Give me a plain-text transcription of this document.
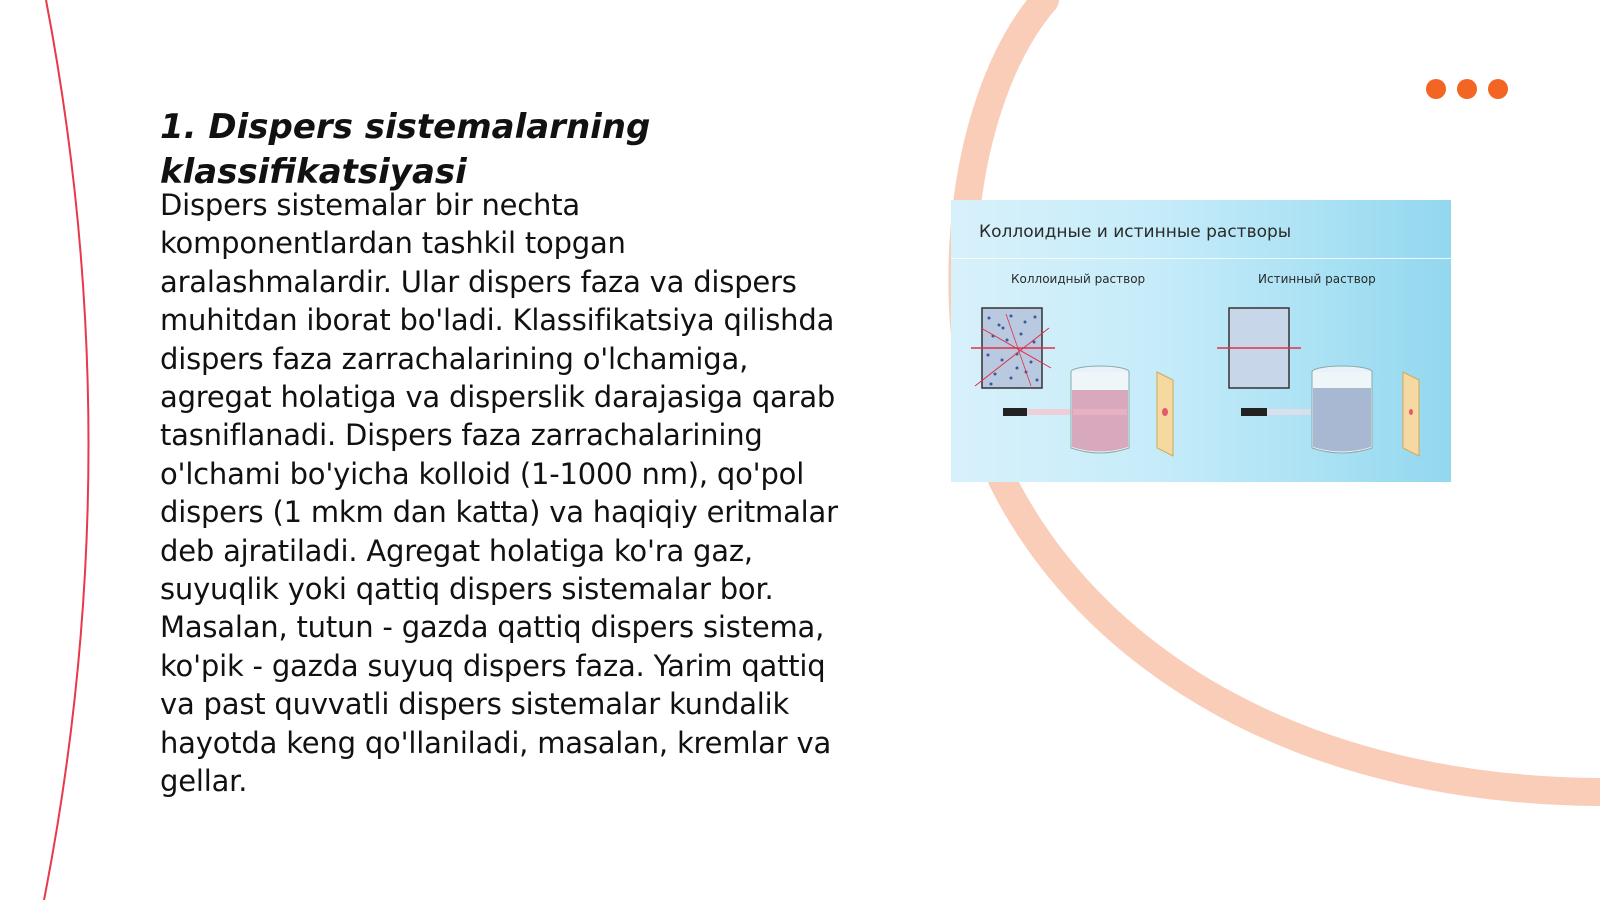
1. Dispers sistemalarning klassifikatsiyasi

Dispers sistemalar bir nechta komponentlardan tashkil topgan aralashmalardir. Ular dispers faza va dispers muhitdan iborat bo'ladi. Klassifikatsiya qilishda dispers faza zarrachalarining o'lchamiga, agregat holatiga va disperslik darajasiga qarab tasniflanadi. Dispers faza zarrachalarining o'lchami bo'yicha kolloid (1-1000 nm), qo'pol dispers (1 mkm dan katta) va haqiqiy eritmalar deb ajratiladi. Agregat holatiga ko'ra gaz, suyuqlik yoki qattiq dispers sistemalar bor. Masalan, tutun - gazda qattiq dispers sistema, ko'pik - gazda suyuq dispers faza. Yarim qattiq va past quvvatli dispers sistemalar kundalik hayotda keng qo'llaniladi, masalan, kremlar va gellar.

Коллоидные и истинные растворы
Коллоидный раствор	Истинный раствор
